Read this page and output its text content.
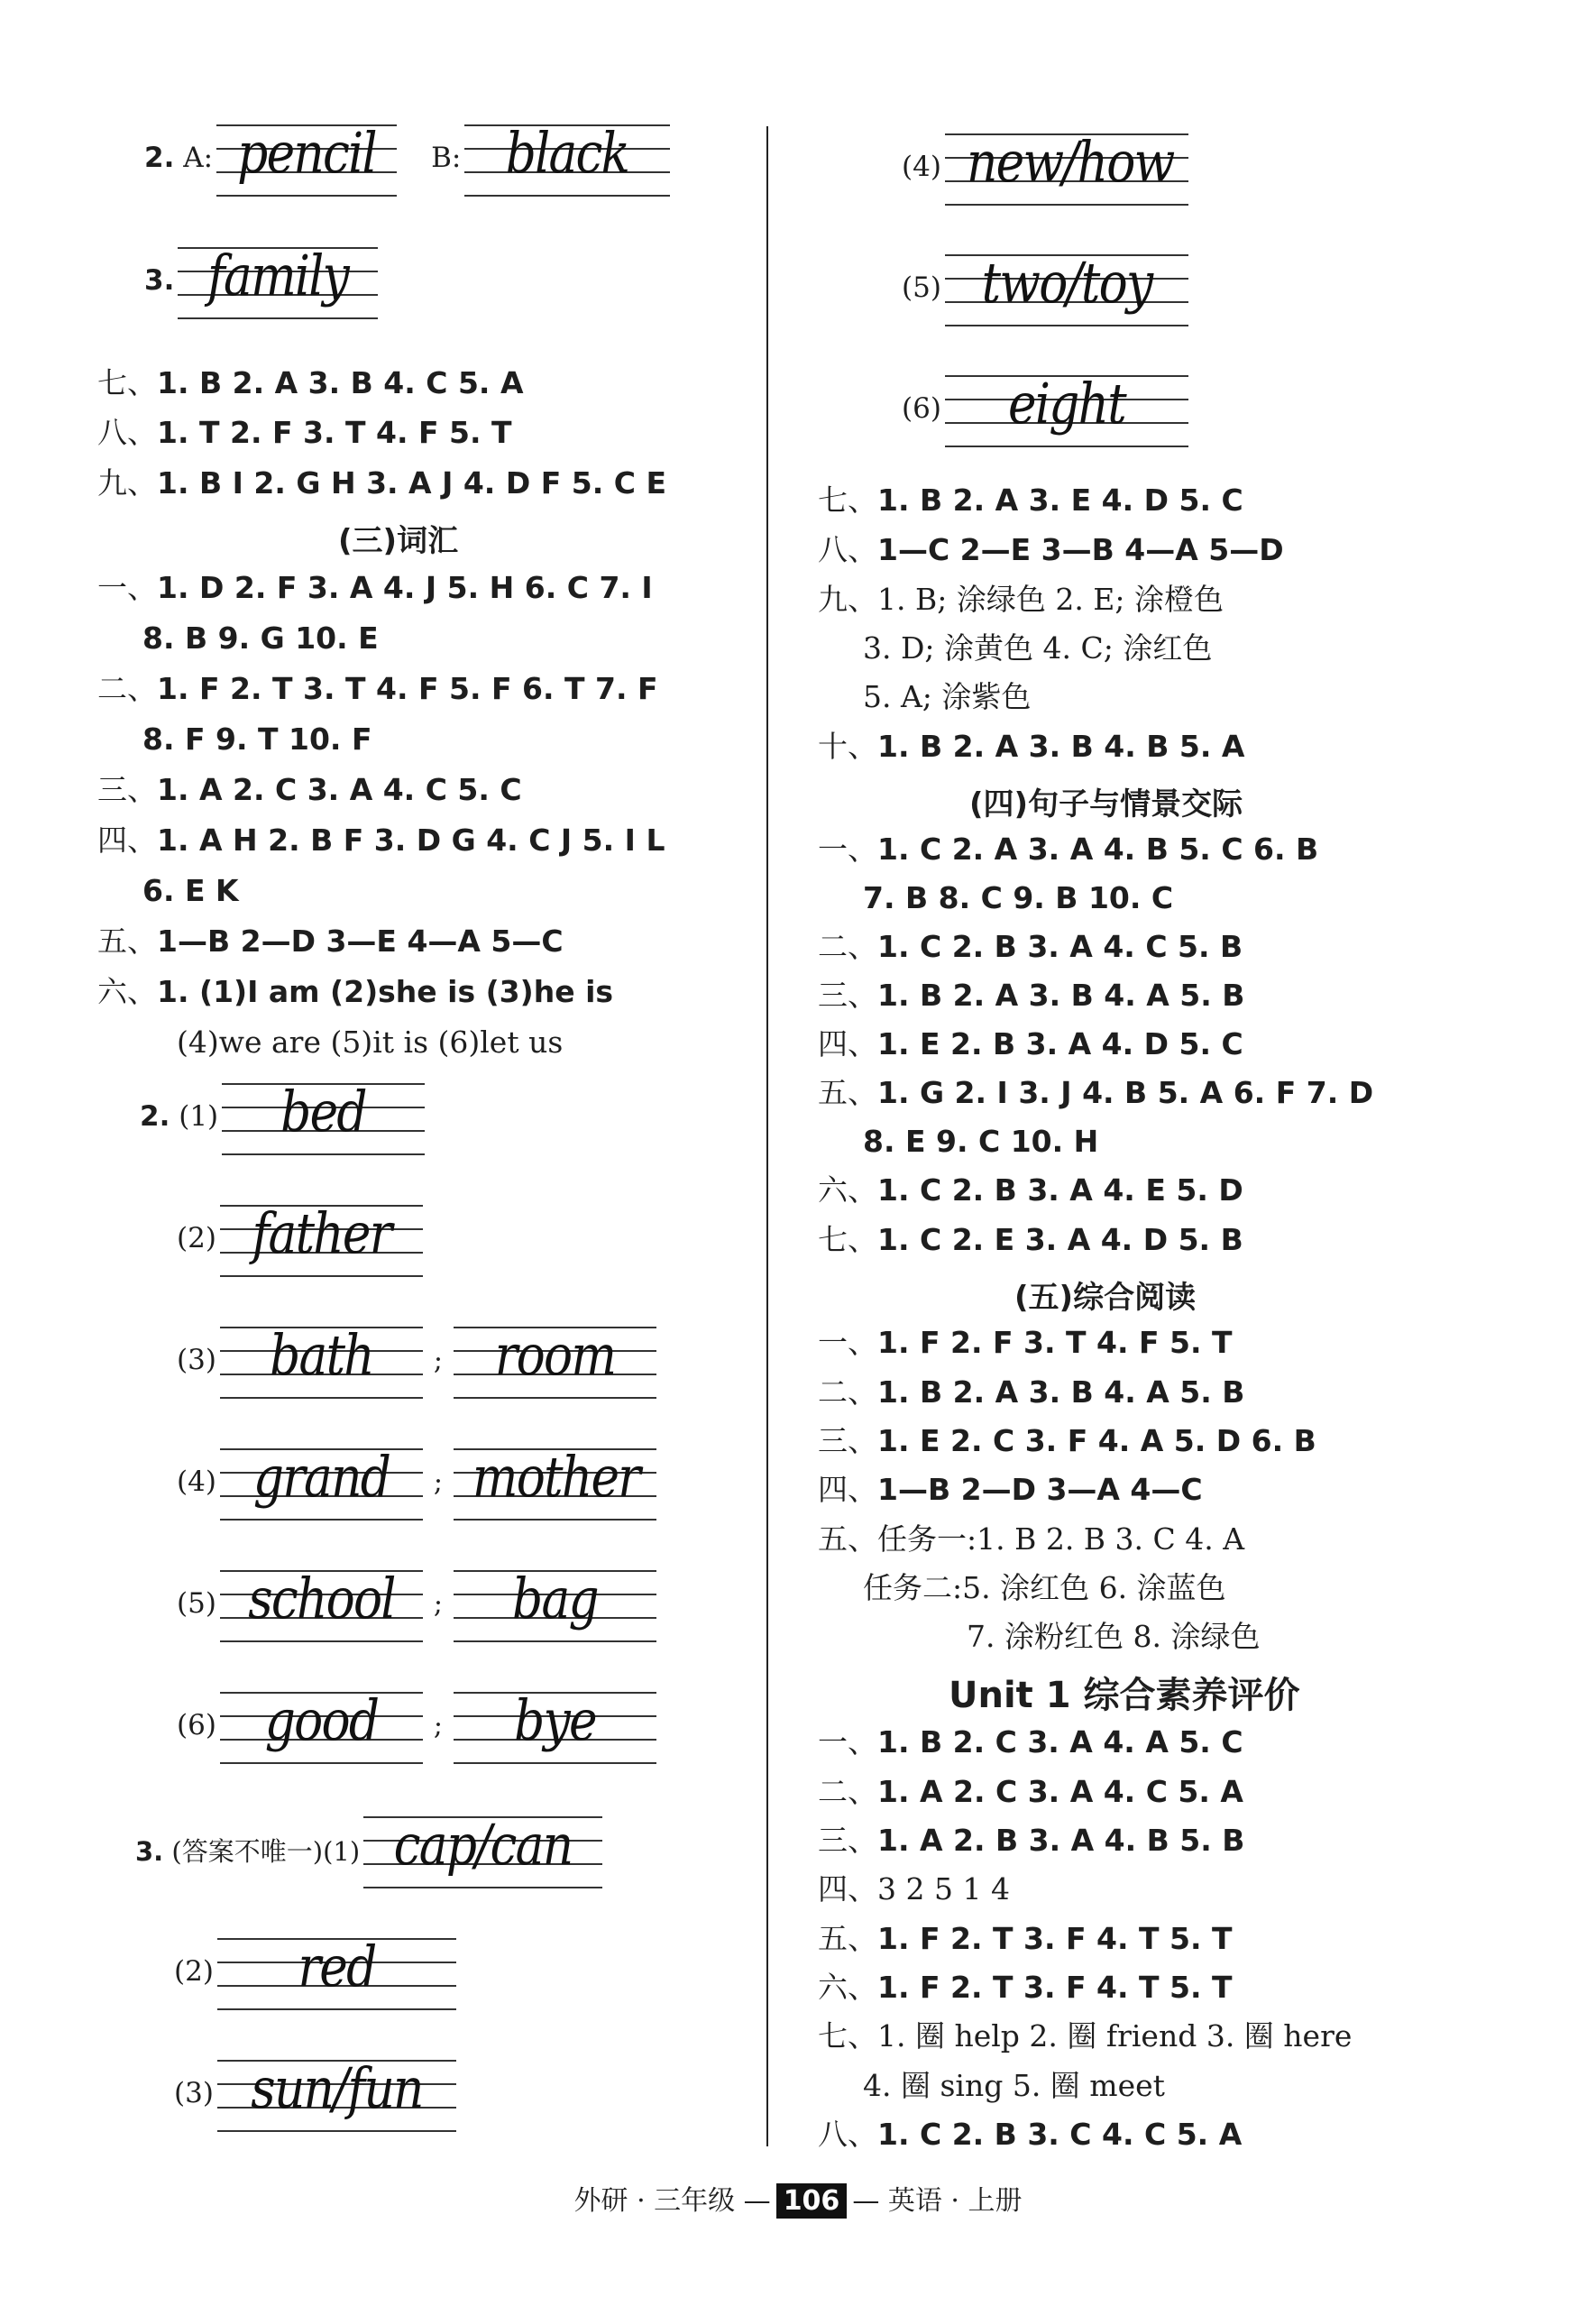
2. A: pencil B: black
3. family
七、1. B 2. A 3. B 4. C 5. A
八、1. T 2. F 3. T 4. F 5. T
九、1. B I 2. G H 3. A J 4. D F 5. C E
(三)词汇
一、1. D 2. F 3. A 4. J 5. H 6. C 7. I
8. B 9. G 10. E
二、1. F 2. T 3. T 4. F 5. F 6. T 7. F
8. F 9. T 10. F
三、1. A 2. C 3. A 4. C 5. C
四、1. A H 2. B F 3. D G 4. C J 5. I L
6. E K
五、1—B 2—D 3—E 4—A 5—C
六、1. (1)I am (2)she is (3)he is
(4)we are (5)it is (6)let us
2. (1)	bed
(2) father
(3) bath	; room
(4) grand	; mother
(5) school	;	bag
(6) good	;	bye
3. (答案不唯一)(1) cap/can
(2)	red
(3) sun/fun
(4) new/how
(5) two/toy
(6)	eight
七、1. B 2. A 3. E 4. D 5. C
八、1—C 2—E 3—B 4—A 5—D
九、1. B; 涂绿色 2. E; 涂橙色
3. D; 涂黄色 4. C; 涂红色
5. A; 涂紫色
十、1. B 2. A 3. B 4. B 5. A
(四)句子与情景交际
一、1. C 2. A 3. A 4. B 5. C 6. B
7. B 8. C 9. B 10. C
二、1. C 2. B 3. A 4. C 5. B
三、1. B 2. A 3. B 4. A 5. B
四、1. E 2. B 3. A 4. D 5. C
五、1. G 2. I 3. J 4. B 5. A 6. F 7. D
8. E 9. C 10. H
六、1. C 2. B 3. A 4. E 5. D
七、1. C 2. E 3. A 4. D 5. B
(五)综合阅读
一、1. F 2. F 3. T 4. F 5. T
二、1. B 2. A 3. B 4. A 5. B
三、1. E 2. C 3. F 4. A 5. D 6. B
四、1—B 2—D 3—A 4—C
五、任务一:1. B 2. B 3. C 4. A
任务二:5. 涂红色 6. 涂蓝色
7. 涂粉红色 8. 涂绿色
Unit 1 综合素养评价
一、1. B 2. C 3. A 4. A 5. C
二、1. A 2. C 3. A 4. C 5. A
三、1. A 2. B 3. A 4. B 5. B
四、3 2 5 1 4
五、1. F 2. T 3. F 4. T 5. T
六、1. F 2. T 3. F 4. T 5. T
七、1. 圈 help 2. 圈 friend 3. 圈 here
4. 圈 sing 5. 圈 meet
八、1. C 2. B 3. C 4. C 5. A
外研 · 三年级 — 106 — 英语 · 上册
